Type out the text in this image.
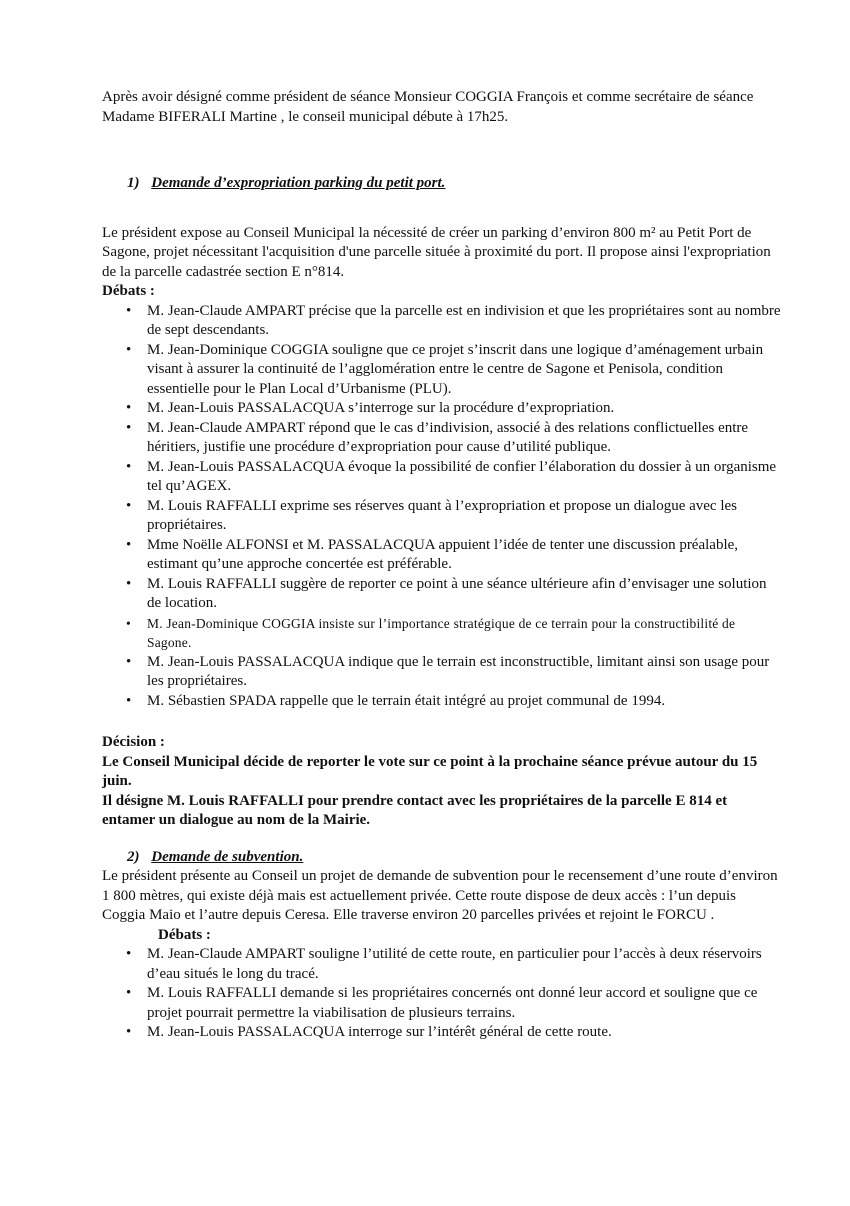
Après avoir désigné comme président de séance Monsieur COGGIA François et comme secrétaire de séance Madame BIFERALI Martine , le conseil municipal débute à 17h25.

1) Demande d’expropriation parking du petit port.

Le président expose au Conseil Municipal la nécessité de créer un parking d’environ 800 m² au Petit Port de Sagone, projet nécessitant l'acquisition d'une parcelle située à proximité du port. Il propose ainsi l'expropriation de la parcelle cadastrée section E n°814.

Débats :

• M. Jean-Claude AMPART précise que la parcelle est en indivision et que les propriétaires sont au nombre de sept descendants.
• M. Jean-Dominique COGGIA souligne que ce projet s’inscrit dans une logique d’aménagement urbain visant à assurer la continuité de l’agglomération entre le centre de Sagone et Penisola, condition essentielle pour le Plan Local d’Urbanisme (PLU).
• M. Jean-Louis PASSALACQUA s’interroge sur la procédure d’expropriation.
• M. Jean-Claude AMPART répond que le cas d’indivision, associé à des relations conflictuelles entre héritiers, justifie une procédure d’expropriation pour cause d’utilité publique.
• M. Jean-Louis PASSALACQUA évoque la possibilité de confier l’élaboration du dossier à un organisme tel qu’AGEX.
• M. Louis RAFFALLI exprime ses réserves quant à l’expropriation et propose un dialogue avec les propriétaires.
• Mme Noëlle ALFONSI et M. PASSALACQUA appuient l’idée de tenter une discussion préalable, estimant qu’une approche concertée est préférable.
• M. Louis RAFFALLI suggère de reporter ce point à une séance ultérieure afin d’envisager une solution de location.
• M. Jean-Dominique COGGIA insiste sur l’importance stratégique de ce terrain pour la constructibilité de Sagone.
• M. Jean-Louis PASSALACQUA indique que le terrain est inconstructible, limitant ainsi son usage pour les propriétaires.
• M. Sébastien SPADA rappelle que le terrain était intégré au projet communal de 1994.

Décision :

Le Conseil Municipal décide de reporter le vote sur ce point à la prochaine séance prévue autour du 15 juin.

Il désigne M. Louis RAFFALLI pour prendre contact avec les propriétaires de la parcelle E 814 et entamer un dialogue au nom de la Mairie.

2) Demande de subvention.

Le président présente au Conseil un projet de demande de subvention pour le recensement d’une route d’environ 1 800 mètres, qui existe déjà mais est actuellement privée. Cette route dispose de deux accès : l’un depuis Coggia Maio et l’autre depuis Ceresa. Elle traverse environ 20 parcelles privées et rejoint le FORCU .

Débats :

• M. Jean-Claude AMPART souligne l’utilité de cette route, en particulier pour l’accès à deux réservoirs d’eau situés le long du tracé.
• M. Louis RAFFALLI demande si les propriétaires concernés ont donné leur accord et souligne que ce projet pourrait permettre la viabilisation de plusieurs terrains.
• M. Jean-Louis PASSALACQUA interroge sur l’intérêt général de cette route.
